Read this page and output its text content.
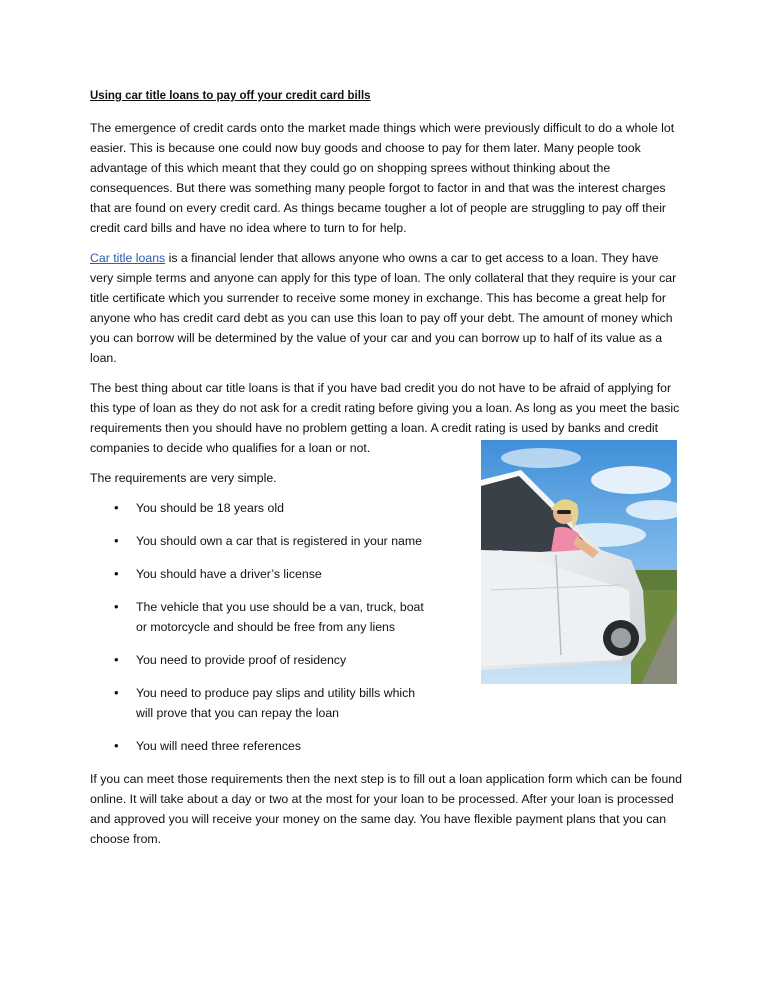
Using car title loans to pay off your credit card bills

The emergence of credit cards onto the market made things which were previously difficult to do a whole lot easier. This is because one could now buy goods and choose to pay for them later. Many people took advantage of this which meant that they could go on shopping sprees without thinking about the consequences. But there was something many people forgot to factor in and that was the interest charges that are found on every credit card. As things became tougher a lot of people are struggling to pay off their credit card bills and have no idea where to turn to for help.

Car title loans is a financial lender that allows anyone who owns a car to get access to a loan. They have very simple terms and anyone can apply for this type of loan. The only collateral that they require is your car title certificate which you surrender to receive some money in exchange. This has become a great help for anyone who has credit card debt as you can use this loan to pay off your debt. The amount of money which you can borrow will be determined by the value of your car and you can borrow up to half of its value as a loan.

The best thing about car title loans is that if you have bad credit you do not have to be afraid of applying for this type of loan as they do not ask for a credit rating before giving you a loan. As long as you meet the basic requirements then you should have no problem getting a loan. A credit rating is used by banks and credit companies to decide who qualifies for a loan or not.

The requirements are very simple.

• You should be 18 years old
• You should own a car that is registered in your name
• You should have a driver’s license
• The vehicle that you use should be a van, truck, boat or motorcycle and should be free from any liens
• You need to provide proof of residency
• You need to produce pay slips and utility bills which will prove that you can repay the loan
• You will need three references

If you can meet those requirements then the next step is to fill out a loan application form which can be found online. It will take about a day or two at the most for your loan to be processed. After your loan is processed and approved you will receive your money on the same day. You have flexible payment plans that you can choose from.
